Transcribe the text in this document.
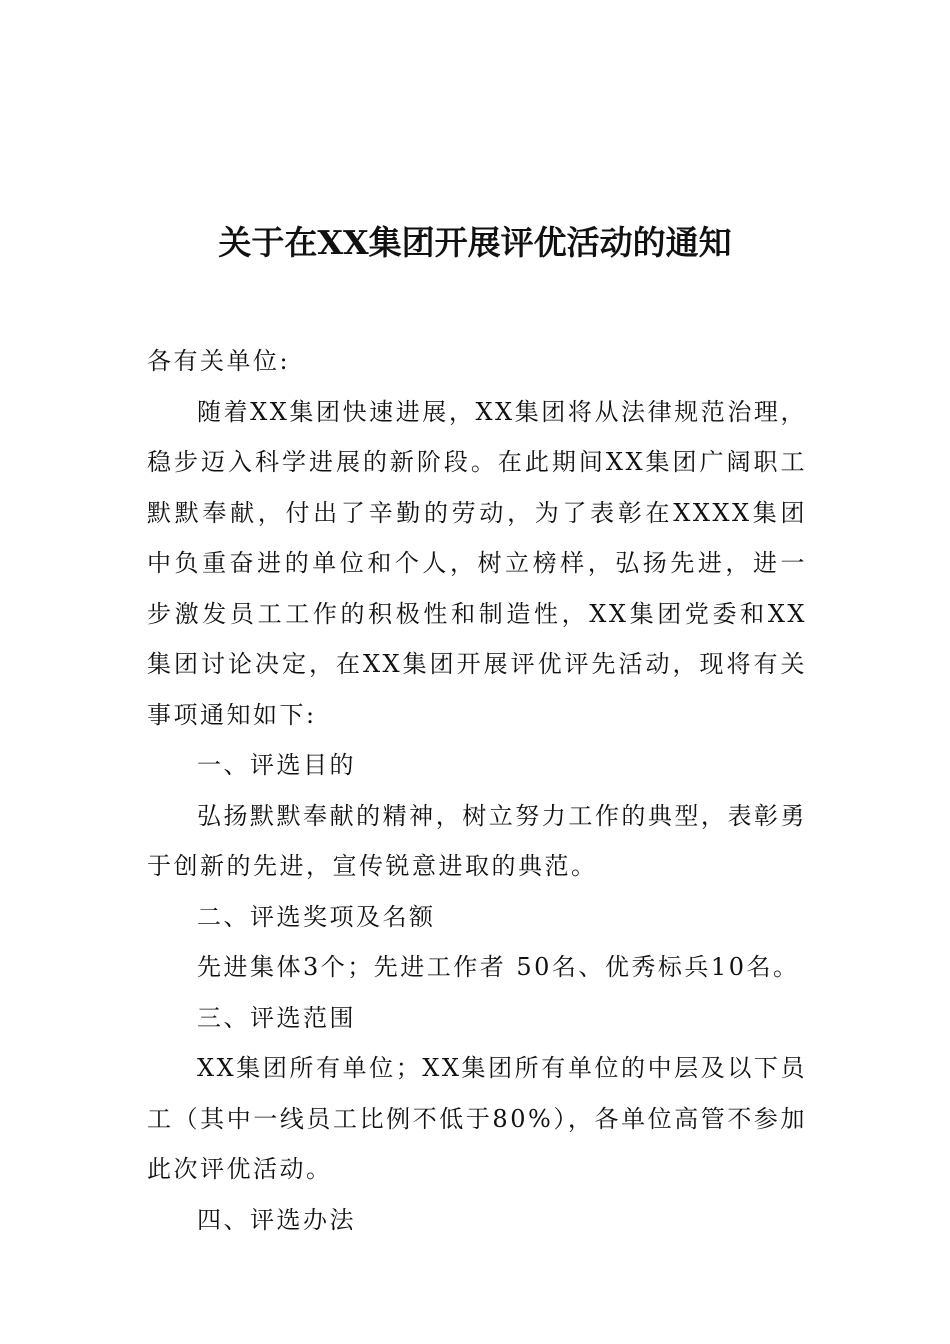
关于在XX集团开展评优活动的通知

各有关单位:

随着XX集团快速进展，XX集团将从法律规范治理，稳步迈入科学进展的新阶段。在此期间XX集团广阔职工默默奉献，付出了辛勤的劳动，为了表彰在XXXX集团中负重奋进的单位和个人，树立榜样，弘扬先进，进一步激发员工工作的积极性和制造性，XX集团党委和XX集团讨论决定，在XX集团开展评优评先活动，现将有关事项通知如下:

一、评选目的

弘扬默默奉献的精神，树立努力工作的典型，表彰勇于创新的先进，宣传锐意进取的典范。

二、评选奖项及名额

先进集体3个；先进工作者 50名、优秀标兵10名。

三、评选范围

XX集团所有单位；XX集团所有单位的中层及以下员工（其中一线员工比例不低于80%），各单位高管不参加此次评优活动。

四、评选办法
